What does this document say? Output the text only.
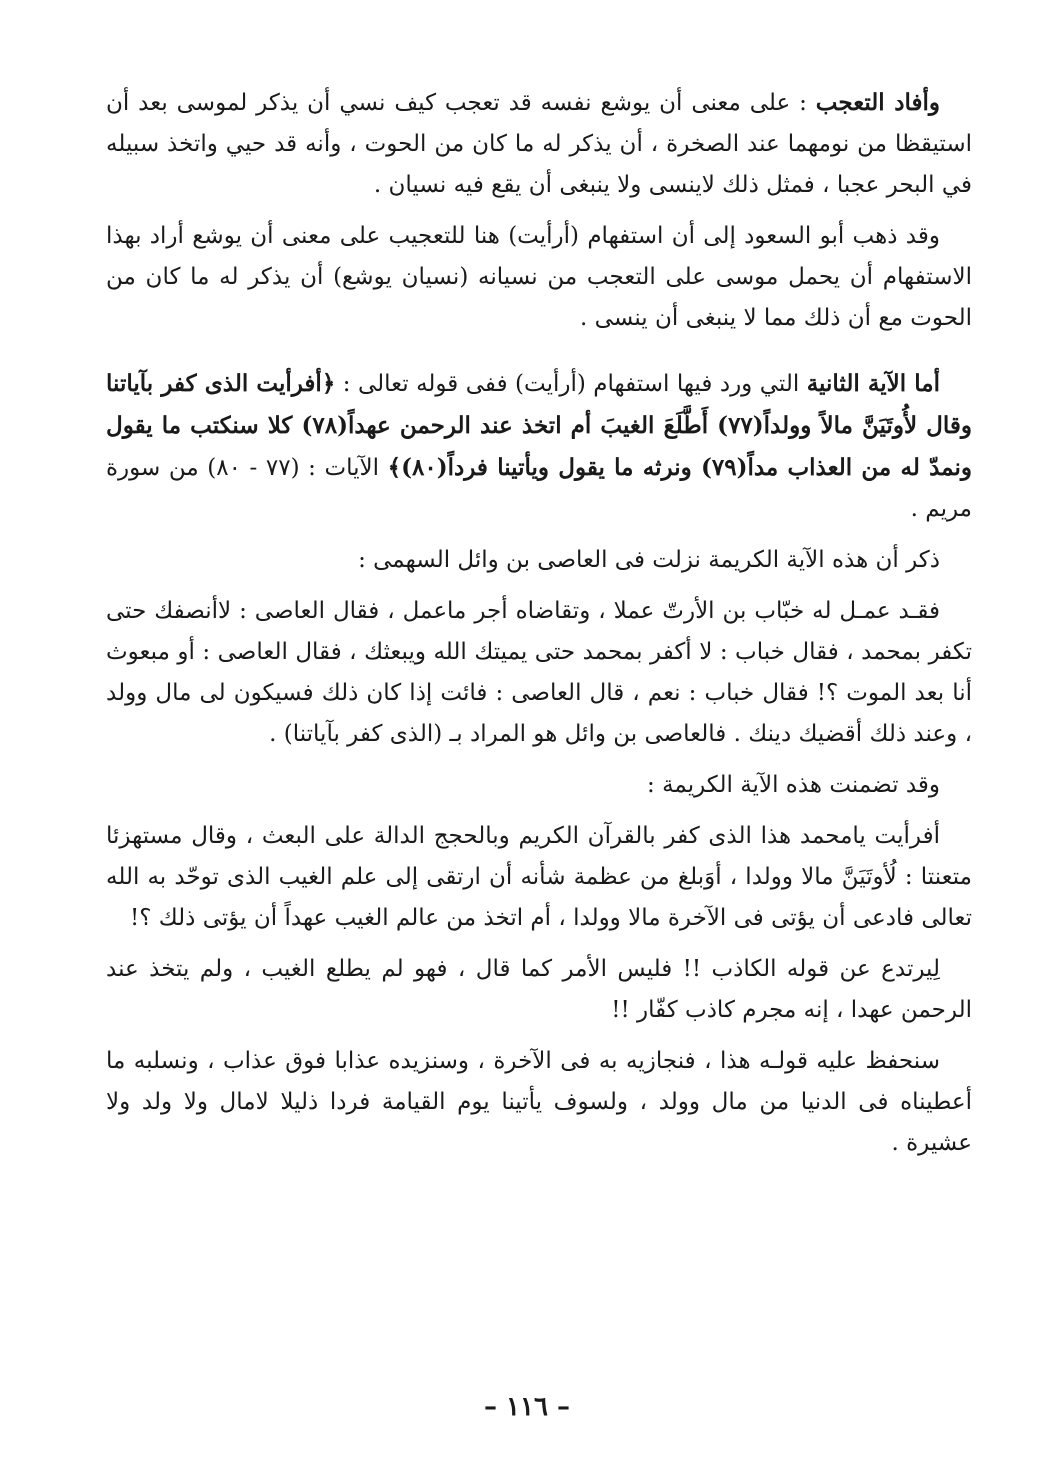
وأفاد التعجب : على معنى أن يوشع نفسه قد تعجب كيف نسي أن يذكر لموسى بعد أن استيقظا من نومهما عند الصخرة ، أن يذكر له ما كان من الحوت ، وأنه قد حيي واتخذ سبيله في البحر عجبا ، فمثل ذلك لاينسى ولا ينبغى أن يقع فيه نسيان .

وقد ذهب أبو السعود إلى أن استفهام (أرأيت) هنا للتعجيب على معنى أن يوشع أراد بهذا الاستفهام أن يحمل موسى على التعجب من نسيانه (نسيان يوشع) أن يذكر له ما كان من الحوت مع أن ذلك مما لا ينبغى أن ينسى .

أما الآية الثانية التي ورد فيها استفهام (أرأيت) ففى قوله تعالى : ﴿أفرأيت الذى كفر بآياتنا وقال لأُوتَيَنَّ مالاً وولداً(٧٧) أَطَّلَعَ الغيبَ أم اتخذ عند الرحمن عهداً(٧٨) كلا سنكتب ما يقول ونمدّ له من العذاب مداً(٧٩) ونرثه ما يقول ويأتينا فرداً(٨٠)﴾ الآيات : (٧٧ - ٨٠) من سورة مريم .

ذكر أن هذه الآية الكريمة نزلت فى العاصى بن وائل السهمى :

فقـد عمـل له خبّاب بن الأرتّ عملا ، وتقاضاه أجر ماعمل ، فقال العاصى : لاأنصفك حتى تكفر بمحمد ، فقال خباب : لا أكفر بمحمد حتى يميتك الله ويبعثك ، فقال العاصى : أو مبعوث أنا بعد الموت ؟! فقال خباب : نعم ، قال العاصى : فائت إذا كان ذلك فسيكون لى مال وولد ، وعند ذلك أقضيك دينك . فالعاصى بن وائل هو المراد بـ (الذى كفر بآياتنا) .

وقد تضمنت هذه الآية الكريمة :

أفرأيت يامحمد هذا الذى كفر بالقرآن الكريم وبالحجج الدالة على البعث ، وقال مستهزئا متعنتا : لُأوتَيَنَّ مالا وولدا ، أوَبلغ من عظمة شأنه أن ارتقى إلى علم الغيب الذى توحّد به الله تعالى فادعى أن يؤتى فى الآخرة مالا وولدا ، أم اتخذ من عالم الغيب عهداً أن يؤتى ذلك ؟!

لِيرتدع عن قوله الكاذب !! فليس الأمر كما قال ، فهو لم يطلع الغيب ، ولم يتخذ عند الرحمن عهدا ، إنه مجرم كاذب كفّار !!

سنحفظ عليه قولـه هذا ، فنجازيه به فى الآخرة ، وسنزيده عذابا فوق عذاب ، ونسلبه ما أعطيناه فى الدنيا من مال وولد ، ولسوف يأتينا يوم القيامة فردا ذليلا لامال ولا ولد ولا عشيرة .

– ١١٦ –
